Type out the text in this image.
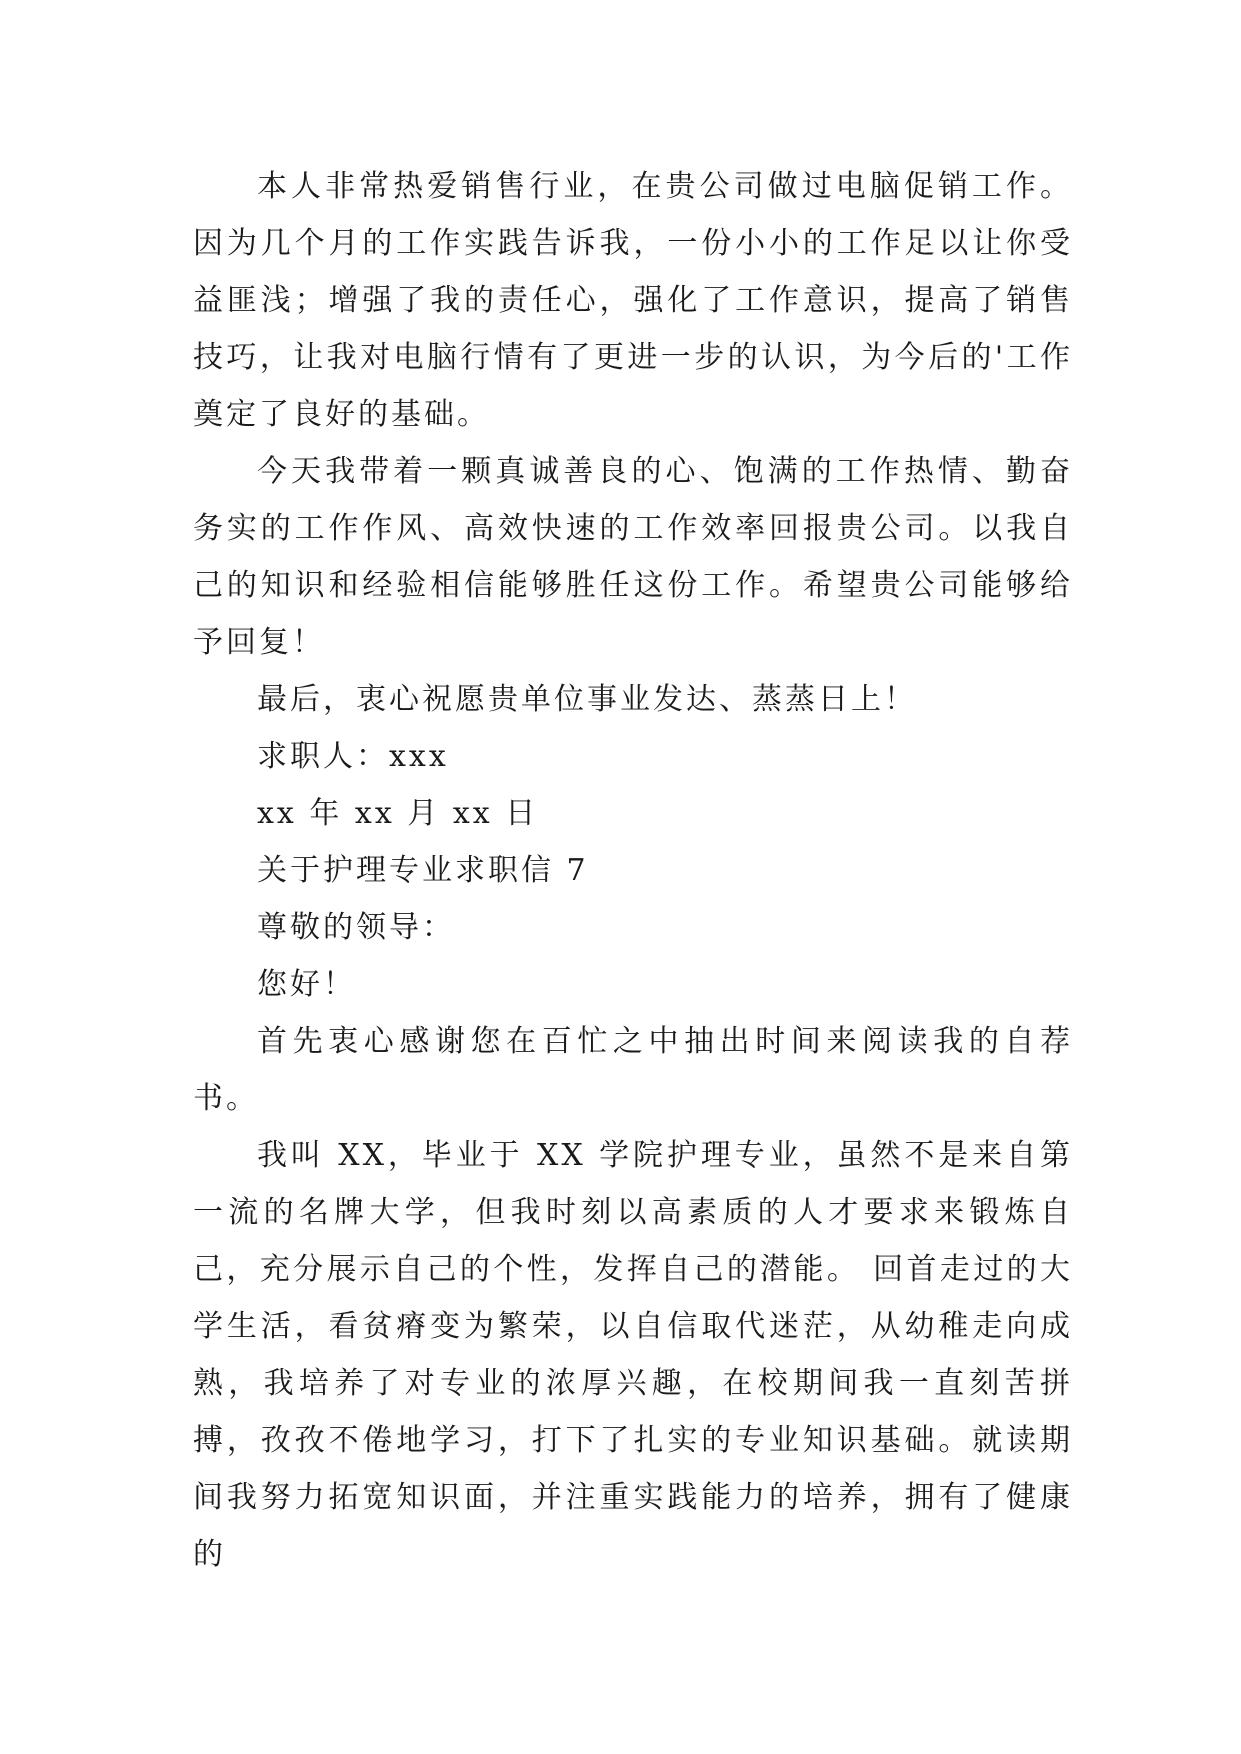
本人非常热爱销售行业，在贵公司做过电脑促销工作。因为几个月的工作实践告诉我，一份小小的工作足以让你受益匪浅；增强了我的责任心，强化了工作意识，提高了销售技巧，让我对电脑行情有了更进一步的认识，为今后的'工作奠定了良好的基础。

今天我带着一颗真诚善良的心、饱满的工作热情、勤奋务实的工作作风、高效快速的工作效率回报贵公司。以我自己的知识和经验相信能够胜任这份工作。希望贵公司能够给予回复！

最后，衷心祝愿贵单位事业发达、蒸蒸日上！

求职人：xxx

xx 年 xx 月 xx 日

关于护理专业求职信 7

尊敬的领导：

您好！

首先衷心感谢您在百忙之中抽出时间来阅读我的自荐书。

我叫 XX，毕业于 XX 学院护理专业，虽然不是来自第一流的名牌大学，但我时刻以高素质的人才要求来锻炼自己，充分展示自己的个性，发挥自己的潜能。 回首走过的大学生活，看贫瘠变为繁荣，以自信取代迷茫，从幼稚走向成熟，我培养了对专业的浓厚兴趣，在校期间我一直刻苦拼搏，孜孜不倦地学习，打下了扎实的专业知识基础。就读期间我努力拓宽知识面，并注重实践能力的培养，拥有了健康的
